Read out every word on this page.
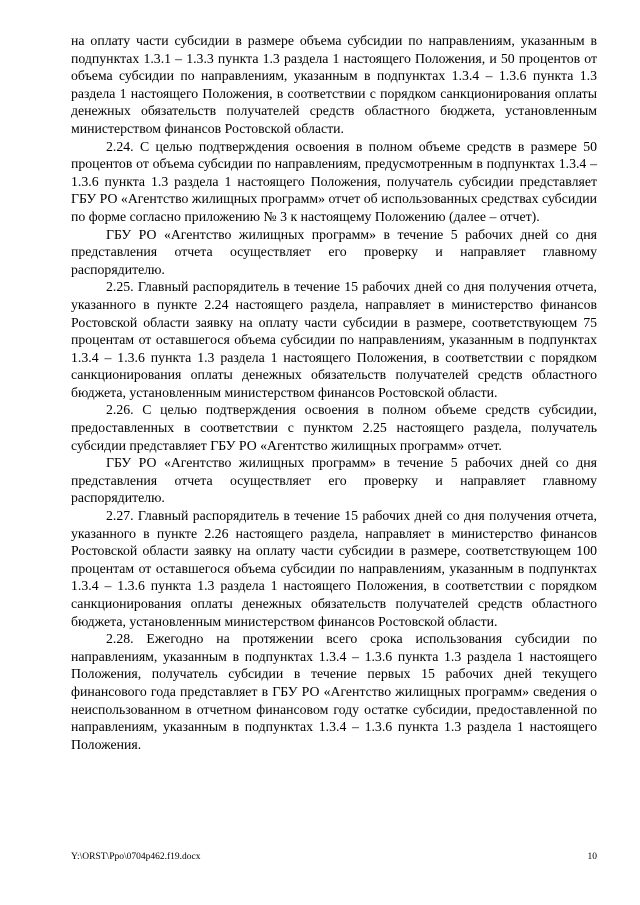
на оплату части субсидии в размере объема субсидии по направлениям, указанным в подпунктах 1.3.1 – 1.3.3 пункта 1.3 раздела 1 настоящего Положения, и 50 процентов от объема субсидии по направлениям, указанным в подпунктах 1.3.4 – 1.3.6 пункта 1.3 раздела 1 настоящего Положения, в соответствии с порядком санкционирования оплаты денежных обязательств получателей средств областного бюджета, установленным министерством финансов Ростовской области.

2.24. С целью подтверждения освоения в полном объеме средств в размере 50 процентов от объема субсидии по направлениям, предусмотренным в подпунктах 1.3.4 – 1.3.6 пункта 1.3 раздела 1 настоящего Положения, получатель субсидии представляет ГБУ РО «Агентство жилищных программ» отчет об использованных средствах субсидии по форме согласно приложению № 3 к настоящему Положению (далее – отчет).

ГБУ РО «Агентство жилищных программ» в течение 5 рабочих дней со дня представления отчета осуществляет его проверку и направляет главному распорядителю.

2.25. Главный распорядитель в течение 15 рабочих дней со дня получения отчета, указанного в пункте 2.24 настоящего раздела, направляет в министерство финансов Ростовской области заявку на оплату части субсидии в размере, соответствующем 75 процентам от оставшегося объема субсидии по направлениям, указанным в подпунктах 1.3.4 – 1.3.6 пункта 1.3 раздела 1 настоящего Положения, в соответствии с порядком санкционирования оплаты денежных обязательств получателей средств областного бюджета, установленным министерством финансов Ростовской области.

2.26. С целью подтверждения освоения в полном объеме средств субсидии, предоставленных в соответствии с пунктом 2.25 настоящего раздела, получатель субсидии представляет ГБУ РО «Агентство жилищных программ» отчет.

ГБУ РО «Агентство жилищных программ» в течение 5 рабочих дней со дня представления отчета осуществляет его проверку и направляет главному распорядителю.

2.27. Главный распорядитель в течение 15 рабочих дней со дня получения отчета, указанного в пункте 2.26 настоящего раздела, направляет в министерство финансов Ростовской области заявку на оплату части субсидии в размере, соответствующем 100 процентам от оставшегося объема субсидии по направлениям, указанным в подпунктах 1.3.4 – 1.3.6 пункта 1.3 раздела 1 настоящего Положения, в соответствии с порядком санкционирования оплаты денежных обязательств получателей средств областного бюджета, установленным министерством финансов Ростовской области.

2.28. Ежегодно на протяжении всего срока использования субсидии по направлениям, указанным в подпунктах 1.3.4 – 1.3.6 пункта 1.3 раздела 1 настоящего Положения, получатель субсидии в течение первых 15 рабочих дней текущего финансового года представляет в ГБУ РО «Агентство жилищных программ» сведения о неиспользованном в отчетном финансовом году остатке субсидии, предоставленной по направлениям, указанным в подпунктах 1.3.4 – 1.3.6 пункта 1.3 раздела 1 настоящего Положения.

Y:\ORST\Ppo\0704p462.f19.docx	10
